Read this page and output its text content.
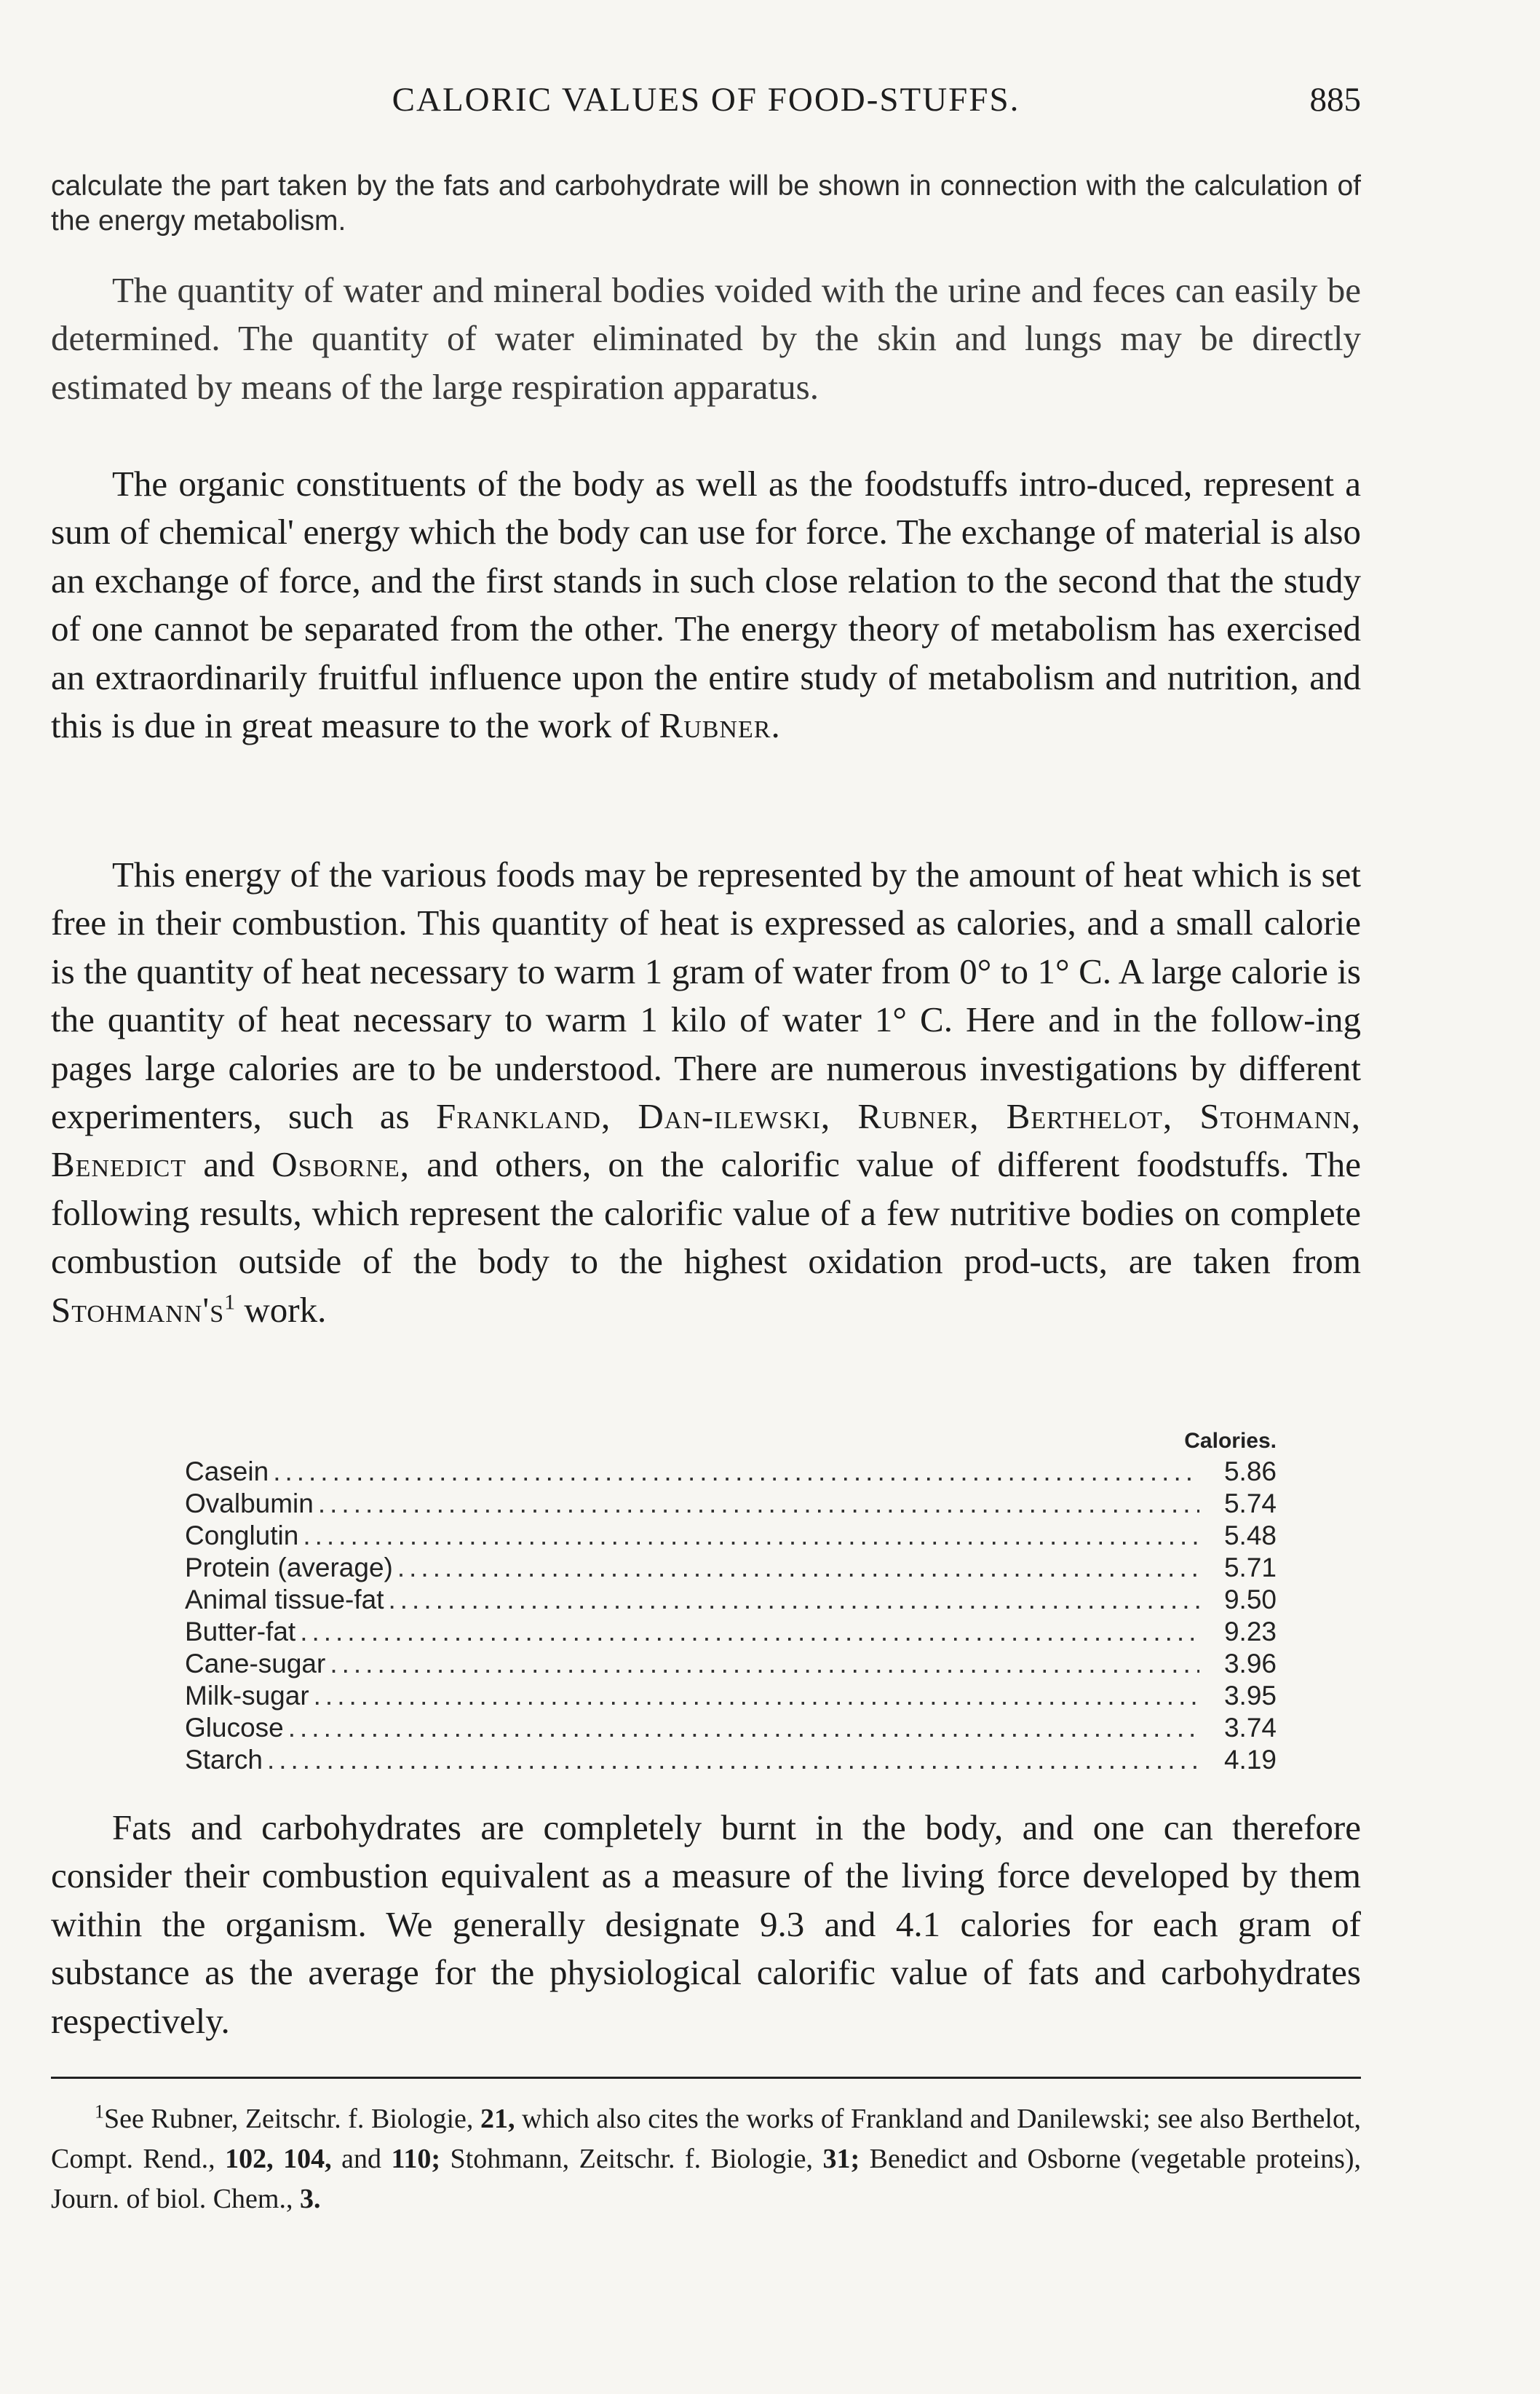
CALORIC VALUES OF FOOD-STUFFS.	885

calculate the part taken by the fats and carbohydrate will be shown in connection with the calculation of the energy metabolism.

The quantity of water and mineral bodies voided with the urine and feces can easily be determined. The quantity of water eliminated by the skin and lungs may be directly estimated by means of the large respiration apparatus.

The organic constituents of the body as well as the foodstuffs intro-duced, represent a sum of chemical' energy which the body can use for force. The exchange of material is also an exchange of force, and the first stands in such close relation to the second that the study of one cannot be separated from the other. The energy theory of metabolism has exercised an extraordinarily fruitful influence upon the entire study of metabolism and nutrition, and this is due in great measure to the work of Rubner.

This energy of the various foods may be represented by the amount of heat which is set free in their combustion. This quantity of heat is expressed as calories, and a small calorie is the quantity of heat necessary to warm 1 gram of water from 0° to 1° C. A large calorie is the quantity of heat necessary to warm 1 kilo of water 1° C. Here and in the follow-ing pages large calories are to be understood. There are numerous investigations by different experimenters, such as Frankland, Dan-ilewski, Rubner, Berthelot, Stohmann, Benedict and Osborne, and others, on the calorific value of different foodstuffs. The following results, which represent the calorific value of a few nutritive bodies on complete combustion outside of the body to the highest oxidation prod-ucts, are taken from $Stohmann's^1$ work.

Calories.
Casein .....	5.86
Ovalbumin .....	5.74
Conglutin .....	5.48
Protein (average) .....	5.71
Animal tissue-fat .....	9.50
Butter-fat .....	9.23
Cane-sugar .....	3.96
Milk-sugar .....	3.95
Glucose .....	3.74
Starch .....	4.19

Fats and carbohydrates are completely burnt in the body, and one can therefore consider their combustion equivalent as a measure of the living force developed by them within the organism. We generally designate 9.3 and 4.1 calories for each gram of substance as the average for the physiological calorific value of fats and carbohydrates respectively.

$^1$See Rubner, Zeitschr. f. Biologie, 21, which also cites the works of Frankland and Danilewski; see also Berthelot, Compt. Rend., 102, 104, and 110; Stohmann, Zeitschr. f. Biologie, 31; Benedict and Osborne (vegetable proteins), Journ. of biol. Chem., 3.
